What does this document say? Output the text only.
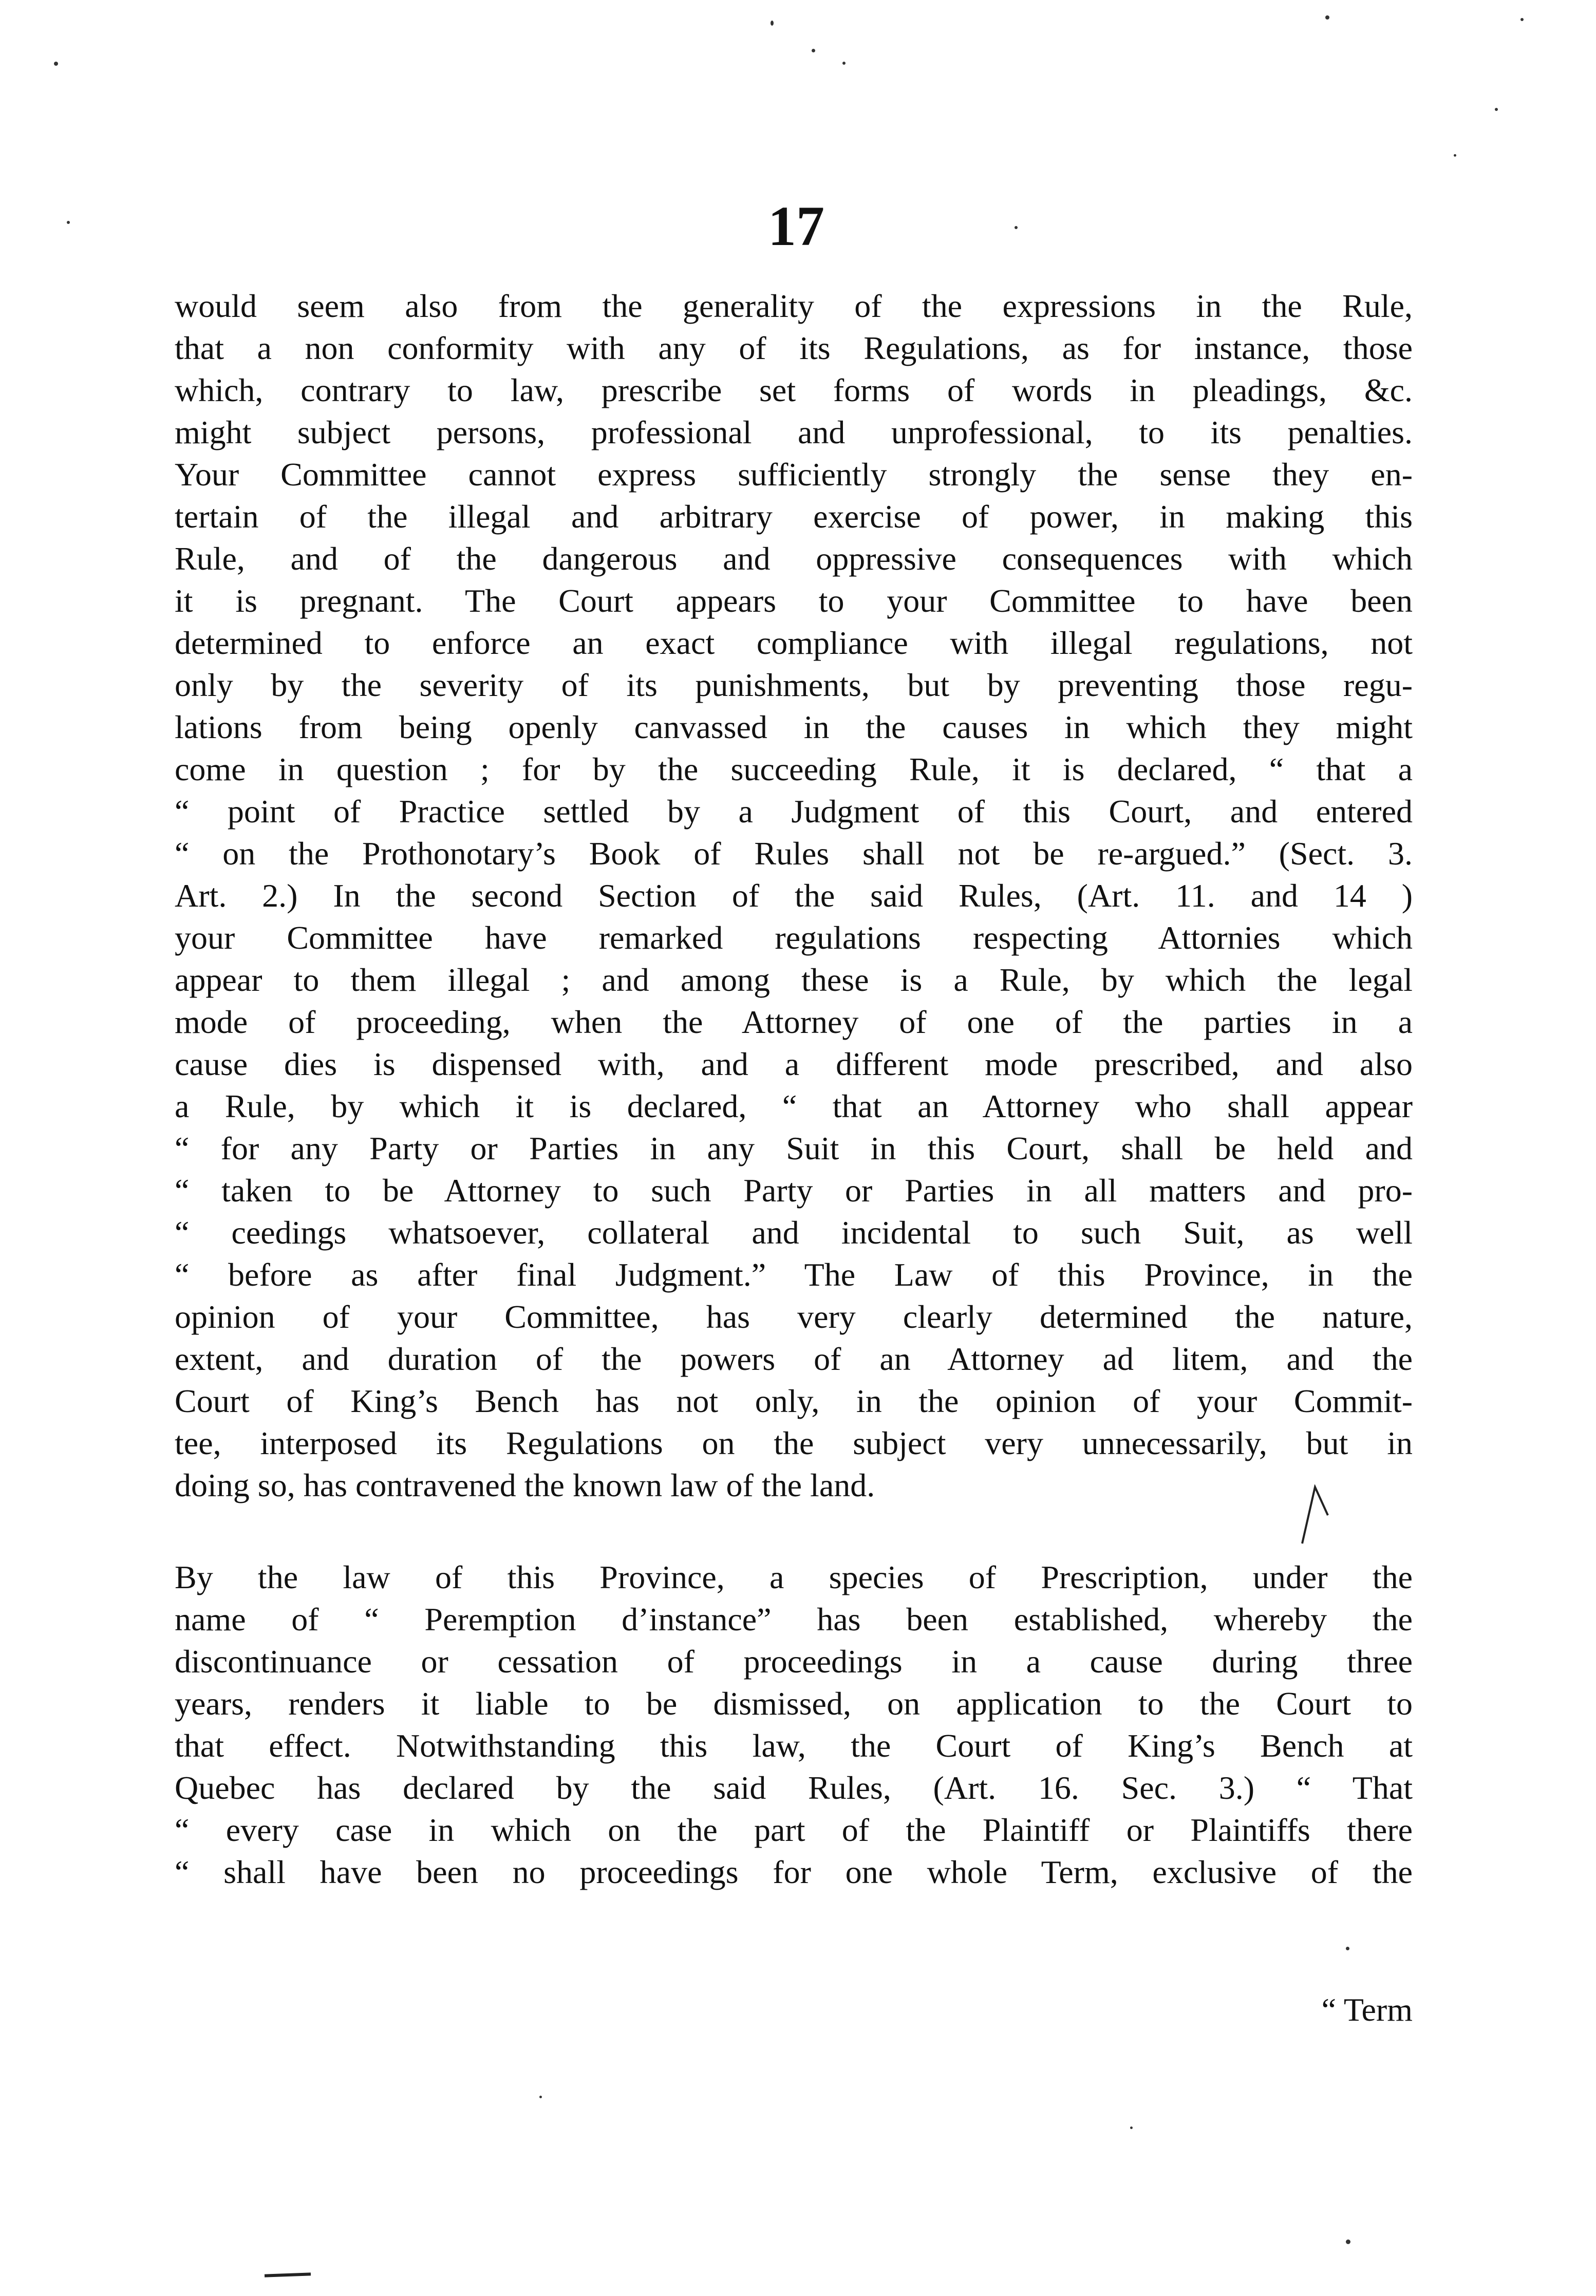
17
would seem also from the generality of the expressions in the Rule,
that a non conformity with any of its Regulations, as for instance, those
which, contrary to law, prescribe set forms of words in pleadings, &c.
might subject persons, professional and unprofessional, to its penalties.
Your Committee cannot express sufficiently strongly the sense they en-
tertain of the illegal and arbitrary exercise of power, in making this
Rule, and of the dangerous and oppressive consequences with which
it is pregnant. The Court appears to your Committee to have been
determined to enforce an exact compliance with illegal regulations, not
only by the severity of its punishments, but by preventing those regu-
lations from being openly canvassed in the causes in which they might
come in question ; for by the succeeding Rule, it is declared, “ that a
“ point of Practice settled by a Judgment of this Court, and entered
“ on the Prothonotary’s Book of Rules shall not be re-argued.” (Sect. 3.
Art. 2.) In the second Section of the said Rules, (Art. 11. and 14 )
your Committee have remarked regulations respecting Attornies which
appear to them illegal ; and among these is a Rule, by which the legal
mode of proceeding, when the Attorney of one of the parties in a
cause dies is dispensed with, and a different mode prescribed, and also
a Rule, by which it is declared, “ that an Attorney who shall appear
“ for any Party or Parties in any Suit in this Court, shall be held and
“ taken to be Attorney to such Party or Parties in all matters and pro-
“ ceedings whatsoever, collateral and incidental to such Suit, as well
“ before as after final Judgment.” The Law of this Province, in the
opinion of your Committee, has very clearly determined the nature,
extent, and duration of the powers of an Attorney ad litem, and the
Court of King’s Bench has not only, in the opinion of your Commit-
tee, interposed its Regulations on the subject very unnecessarily, but in
doing so, has contravened the known law of the land.
By the law of this Province, a species of Prescription, under the
name of “ Peremption d’instance” has been established, whereby the
discontinuance or cessation of proceedings in a cause during three
years, renders it liable to be dismissed, on application to the Court to
that effect. Notwithstanding this law, the Court of King’s Bench at
Quebec has declared by the said Rules, (Art. 16. Sec. 3.) “ That
“ every case in which on the part of the Plaintiff or Plaintiffs there
“ shall have been no proceedings for one whole Term, exclusive of the
“ Term
